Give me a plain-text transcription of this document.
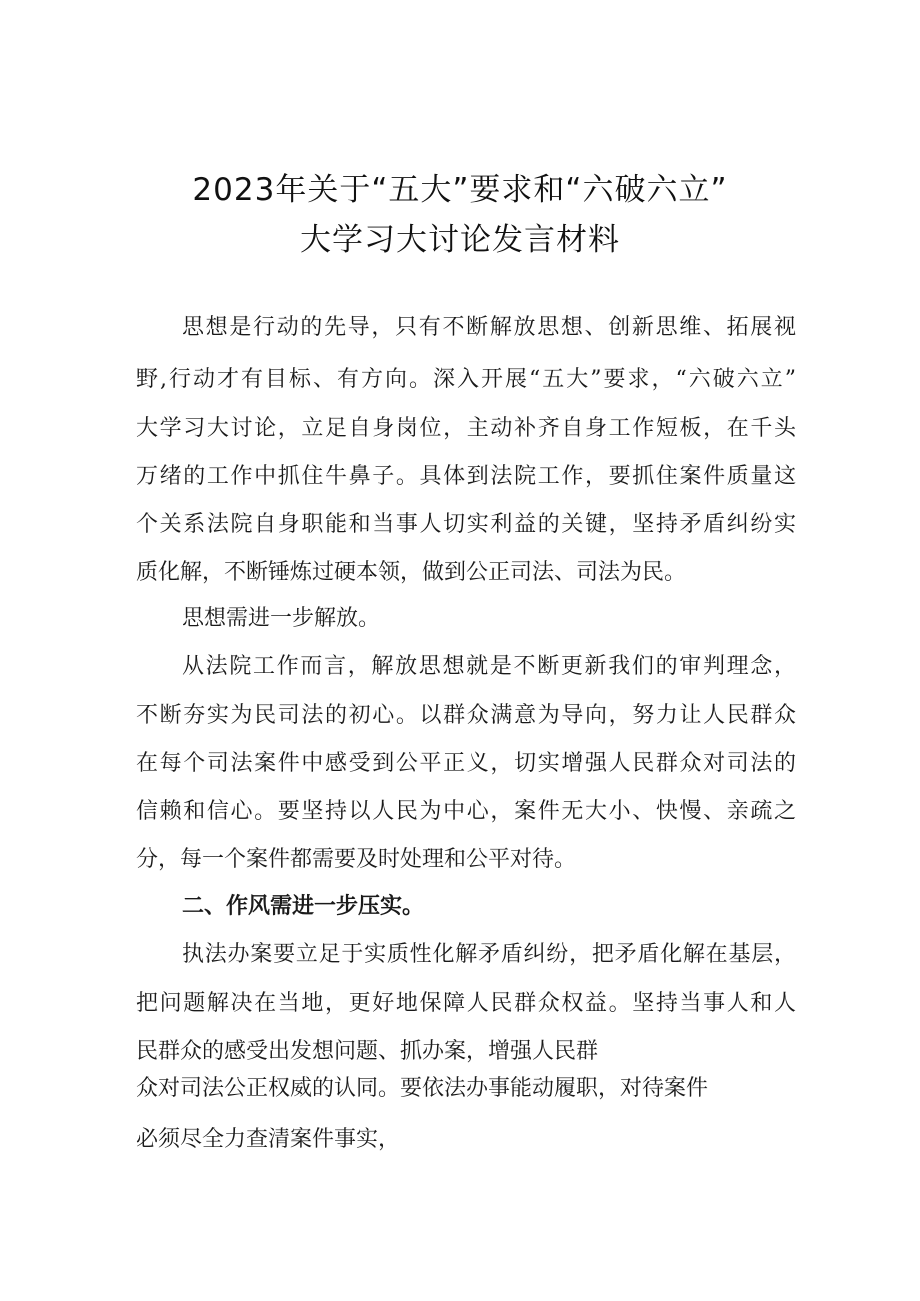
2023年关于“五大”要求和“六破六立”
大学习大讨论发言材料
思想是行动的先导，只有不断解放思想、创新思维、拓展视
野,行动才有目标、有方向。深入开展“五大”要求，“六破六立”
大学习大讨论，立足自身岗位，主动补齐自身工作短板，在千头
万绪的工作中抓住牛鼻子。具体到法院工作，要抓住案件质量这
个关系法院自身职能和当事人切实利益的关键，坚持矛盾纠纷实
质化解，不断锤炼过硬本领，做到公正司法、司法为民。
思想需进一步解放。
从法院工作而言，解放思想就是不断更新我们的审判理念，
不断夯实为民司法的初心。以群众满意为导向，努力让人民群众
在每个司法案件中感受到公平正义，切实增强人民群众对司法的
信赖和信心。要坚持以人民为中心，案件无大小、快慢、亲疏之
分，每一个案件都需要及时处理和公平对待。
二、作风需进一步压实。
执法办案要立足于实质性化解矛盾纠纷，把矛盾化解在基层，
把问题解决在当地，更好地保障人民群众权益。坚持当事人和人
民群众的感受出发想问题、抓办案，增强人民群
众对司法公正权威的认同。要依法办事能动履职，对待案件
必须尽全力查清案件事实，
